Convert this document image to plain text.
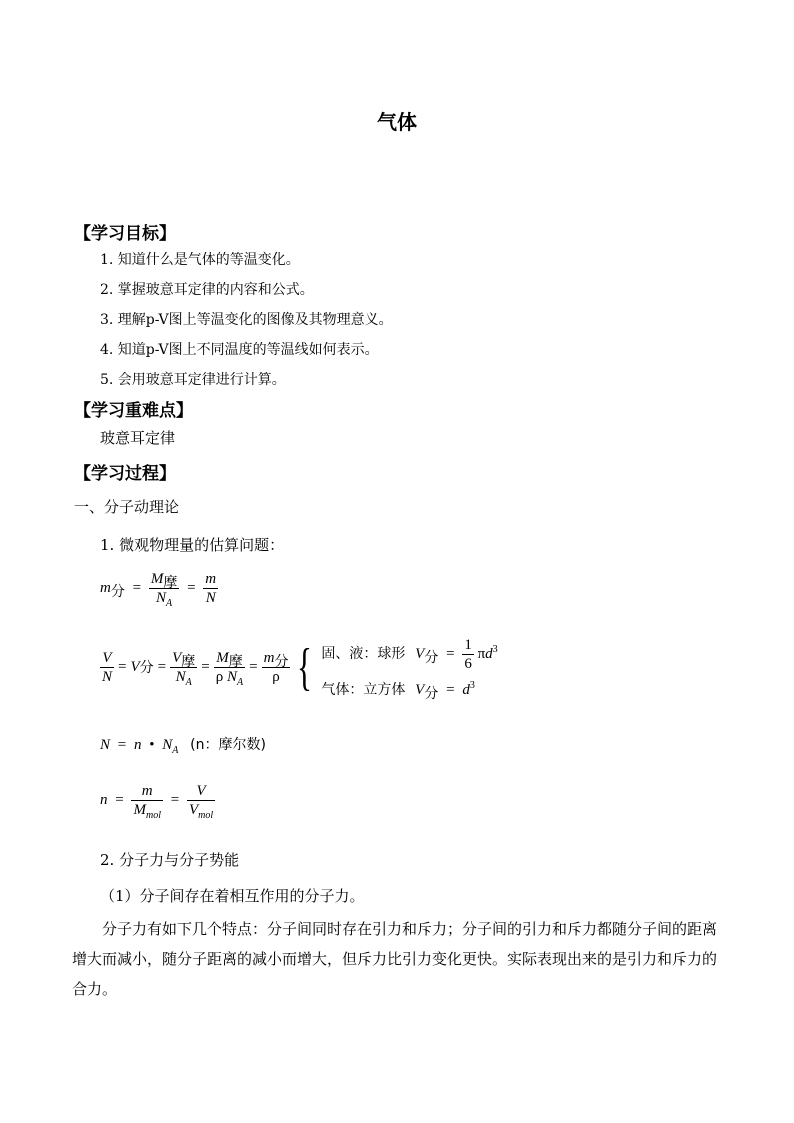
气体
【学习目标】
1. 知道什么是气体的等温变化。
2. 掌握玻意耳定律的内容和公式。
3. 理解p-V图上等温变化的图像及其物理意义。
4. 知道p-V图上不同温度的等温线如何表示。
5. 会用玻意耳定律进行计算。
【学习重难点】
玻意耳定律
【学习过程】
一、分子动理论
1. 微观物理量的估算问题：
$m_分 = \frac{M_摩}{N_A} = \frac{m}{N}$
$\frac{V}{N} = V$ 分 = $\frac{V_摩}{N_A} = \frac{M_摩}{\rho N_A} = \frac{m_分}{\rho}$ { 固、液：球形 $V_分 = \frac{1}{6} \pi d^3$
气体：立方体 $V_分 = d^3$
N = n • $N_A$ (n：摩尔数)
$n = \frac{m}{M_{mol}} = \frac{V}{V_{mol}}$
2. 分子力与分子势能
（1）分子间存在着相互作用的分子力。
分子力有如下几个特点：分子间同时存在引力和斥力；分子间的引力和斥力都随分子间的距离增大而减小，随分子距离的减小而增大，但斥力比引力变化更快。实际表现出来的是引力和斥力的合力。
